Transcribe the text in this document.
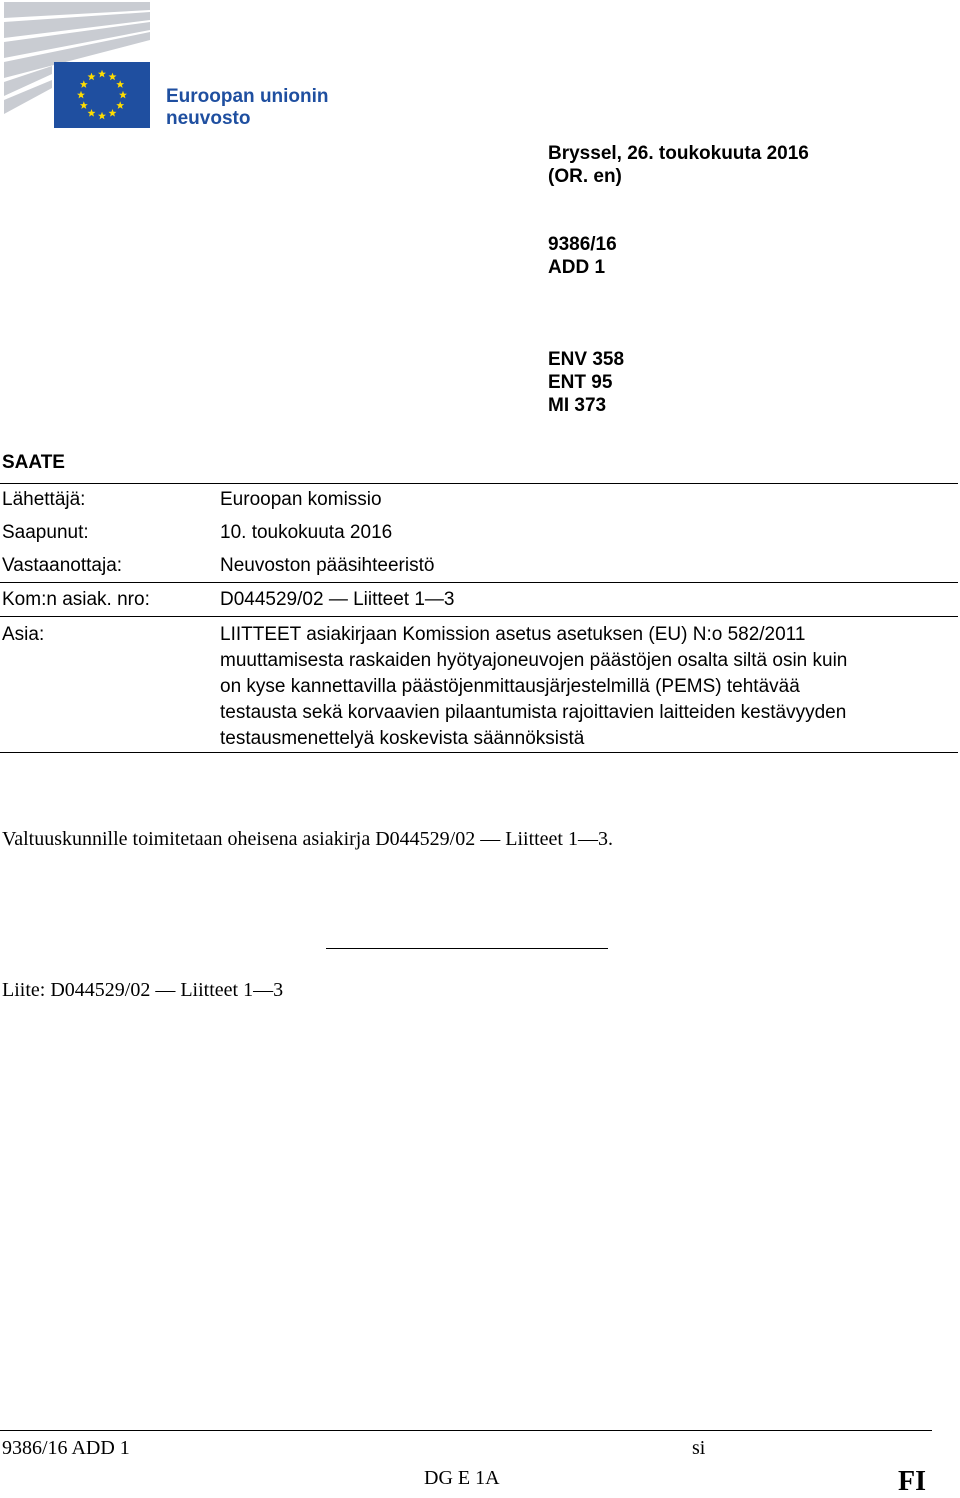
Euroopan unionin
neuvosto
Bryssel, 26. toukokuuta 2016
(OR. en)
9386/16
ADD 1
ENV 358
ENT 95
MI 373
SAATE
Lähettäjä:	Euroopan komissio
Saapunut:	10. toukokuuta 2016
Vastaanottaja:	Neuvoston pääsihteeristö
Kom:n asiak. nro:	D044529/02 — Liitteet 1—3
Asia:	LIITTEET asiakirjaan Komission asetus asetuksen (EU) N:o 582/2011
muuttamisesta raskaiden hyötyajoneuvojen päästöjen osalta siltä osin kuin
on kyse kannettavilla päästöjenmittausjärjestelmillä (PEMS) tehtävää
testausta sekä korvaavien pilaantumista rajoittavien laitteiden kestävyyden
testausmenettelyä koskevista säännöksistä
Valtuuskunnille toimitetaan oheisena asiakirja D044529/02 — Liitteet 1—3.
Liite: D044529/02 — Liitteet 1—3
9386/16 ADD 1	si
DG E 1A	FI
